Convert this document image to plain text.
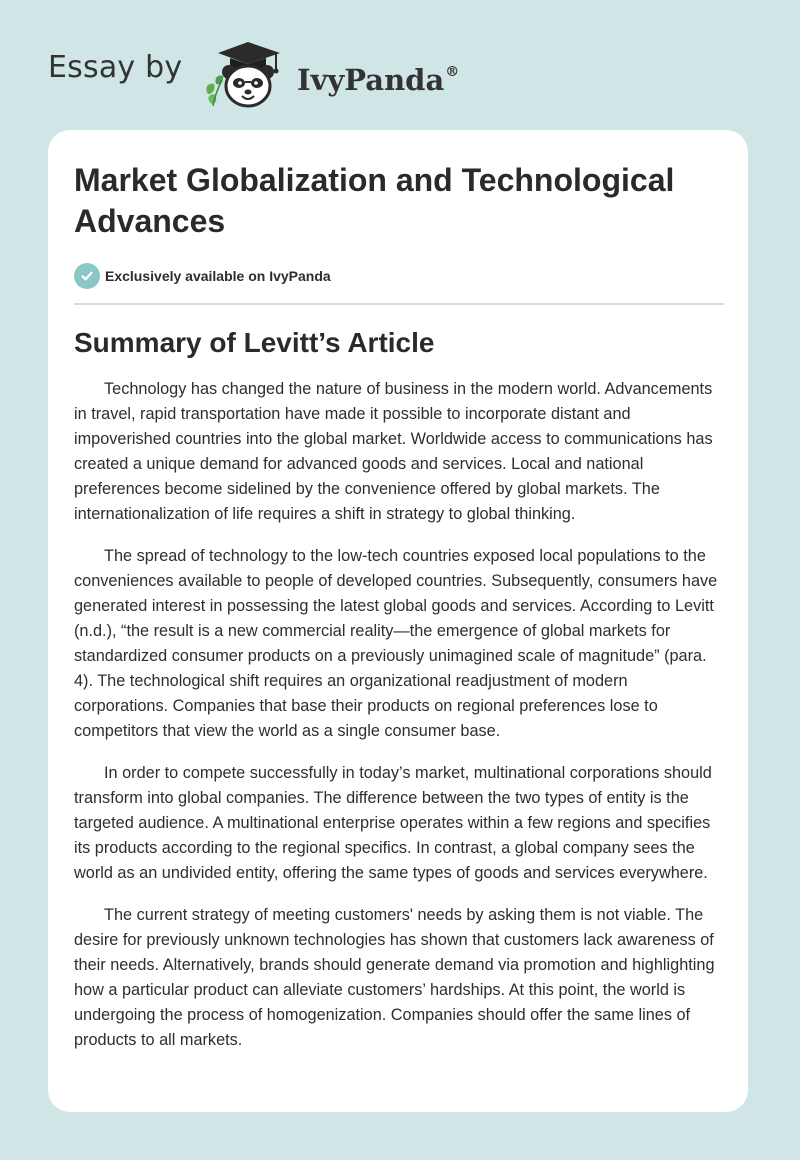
Essay by	IvyPanda®
Market Globalization and Technological Advances
Exclusively available on IvyPanda
Summary of Levitt’s Article

Technology has changed the nature of business in the modern world. Advancements in travel, rapid transportation have made it possible to incorporate distant and impoverished countries into the global market. Worldwide access to communications has created a unique demand for advanced goods and services. Local and national preferences become sidelined by the convenience offered by global markets. The internationalization of life requires a shift in strategy to global thinking.

The spread of technology to the low-tech countries exposed local populations to the conveniences available to people of developed countries. Subsequently, consumers have generated interest in possessing the latest global goods and services. According to Levitt (n.d.), “the result is a new commercial reality—the emergence of global markets for standardized consumer products on a previously unimagined scale of magnitude” (para. 4). The technological shift requires an organizational readjustment of modern corporations. Companies that base their products on regional preferences lose to competitors that view the world as a single consumer base.

In order to compete successfully in today’s market, multinational corporations should transform into global companies. The difference between the two types of entity is the targeted audience. A multinational enterprise operates within a few regions and specifies its products according to the regional specifics. In contrast, a global company sees the world as an undivided entity, offering the same types of goods and services everywhere.

The current strategy of meeting customers' needs by asking them is not viable. The desire for previously unknown technologies has shown that customers lack awareness of their needs. Alternatively, brands should generate demand via promotion and highlighting how a particular product can alleviate customers’ hardships. At this point, the world is undergoing the process of homogenization. Companies should offer the same lines of products to all markets.
